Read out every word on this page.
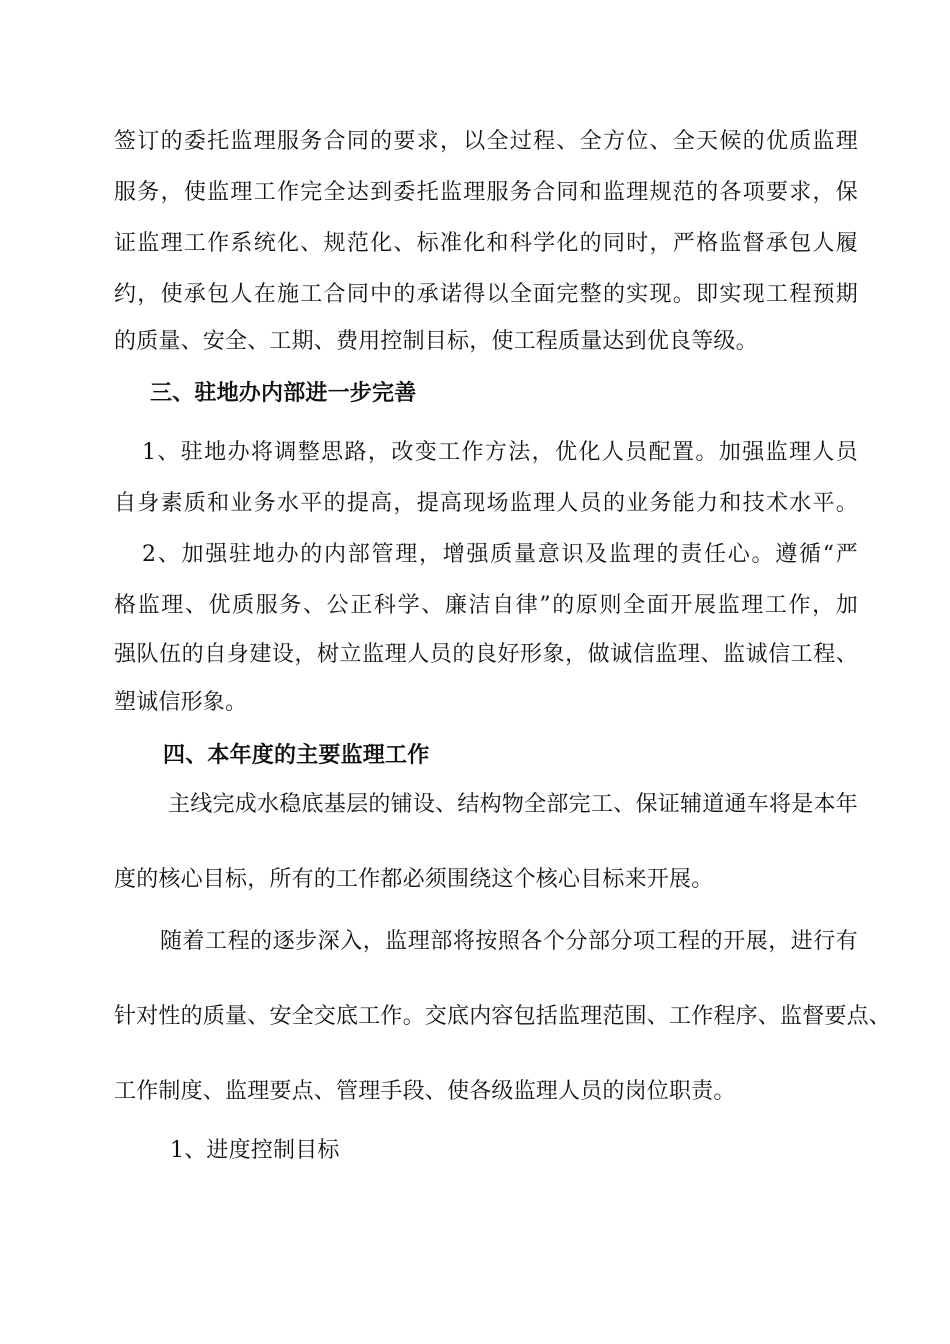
签订的委托监理服务合同的要求，以全过程、全方位、全天候的优质监理
服务，使监理工作完全达到委托监理服务合同和监理规范的各项要求，保
证监理工作系统化、规范化、标准化和科学化的同时，严格监督承包人履
约，使承包人在施工合同中的承诺得以全面完整的实现。即实现工程预期
的质量、安全、工期、费用控制目标，使工程质量达到优良等级。
三、驻地办内部进一步完善
1、驻地办将调整思路，改变工作方法，优化人员配置。加强监理人员
自身素质和业务水平的提高，提高现场监理人员的业务能力和技术水平。
2、加强驻地办的内部管理，增强质量意识及监理的责任心。遵循“严
格监理、优质服务、公正科学、廉洁自律”的原则全面开展监理工作，加
强队伍的自身建设，树立监理人员的良好形象，做诚信监理、监诚信工程、
塑诚信形象。
四、本年度的主要监理工作
主线完成水稳底基层的铺设、结构物全部完工、保证辅道通车将是本年
度的核心目标，所有的工作都必须围绕这个核心目标来开展。
随着工程的逐步深入，监理部将按照各个分部分项工程的开展，进行有
针对性的质量、安全交底工作。交底内容包括监理范围、工作程序、监督要点、
工作制度、监理要点、管理手段、使各级监理人员的岗位职责。
1、进度控制目标
